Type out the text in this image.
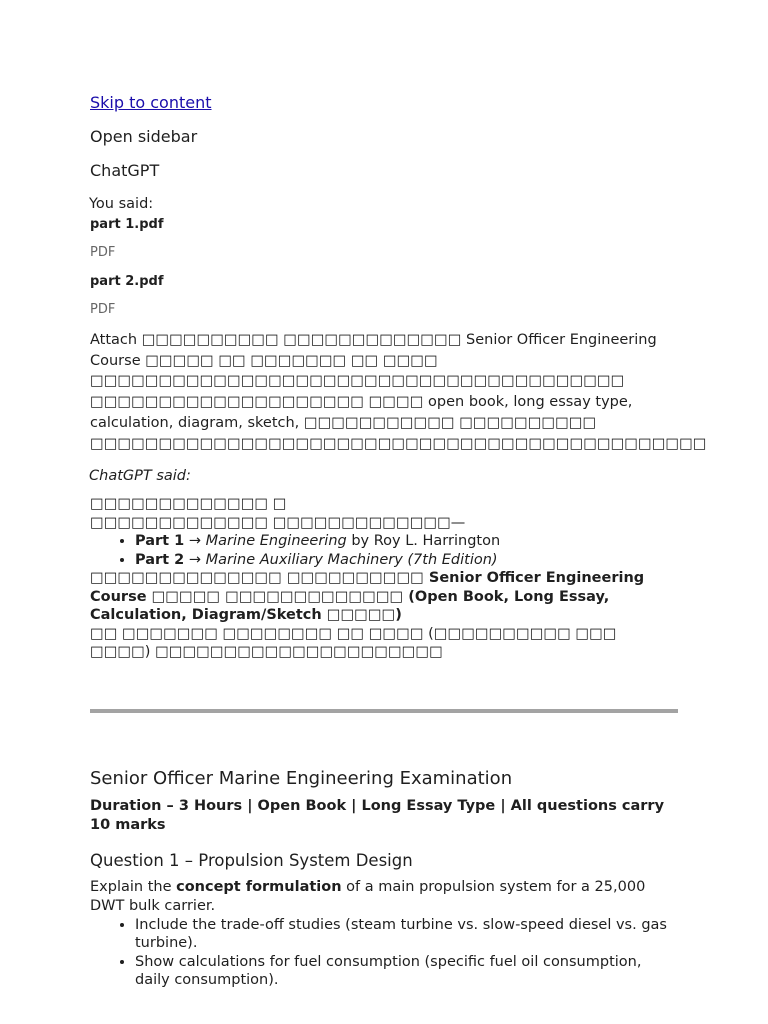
Skip to content
Open sidebar
ChatGPT
You said:
part 1.pdf
PDF
part 2.pdf
PDF
Attach □□□□□□□□□□ □□□□□□□□□□□□□ Senior Officer Engineering Course □□□□□ □□ □□□□□□□ □□ □□□□ □□□□□□□□□□□□□□□□□□□□□□□□□□□□□□□□□□□□□□□ □□□□□□□□□□□□□□□□□□□□ □□□□ open book, long essay type, calculation, diagram, sketch, □□□□□□□□□□□ □□□□□□□□□□ □□□□□□□□□□□□□□□□□□□□□□□□□□□□□□□□□□□□□□□□□□□□□
ChatGPT said:
□□□□□□□□□□□□□ □
□□□□□□□□□□□□□ □□□□□□□□□□□□□—
• Part 1 → Marine Engineering by Roy L. Harrington
• Part 2 → Marine Auxiliary Machinery (7th Edition)
□□□□□□□□□□□□□□ □□□□□□□□□□ Senior Officer Engineering Course □□□□□ □□□□□□□□□□□□□ (Open Book, Long Essay, Calculation, Diagram/Sketch □□□□□)
□□ □□□□□□□ □□□□□□□□ □□ □□□□ (□□□□□□□□□□ □□□ □□□□) □□□□□□□□□□□□□□□□□□□□□
Senior Officer Marine Engineering Examination
Duration – 3 Hours | Open Book | Long Essay Type | All questions carry 10 marks
Question 1 – Propulsion System Design
Explain the concept formulation of a main propulsion system for a 25,000 DWT bulk carrier.
• Include the trade-off studies (steam turbine vs. slow-speed diesel vs. gas turbine).
• Show calculations for fuel consumption (specific fuel oil consumption, daily consumption).
